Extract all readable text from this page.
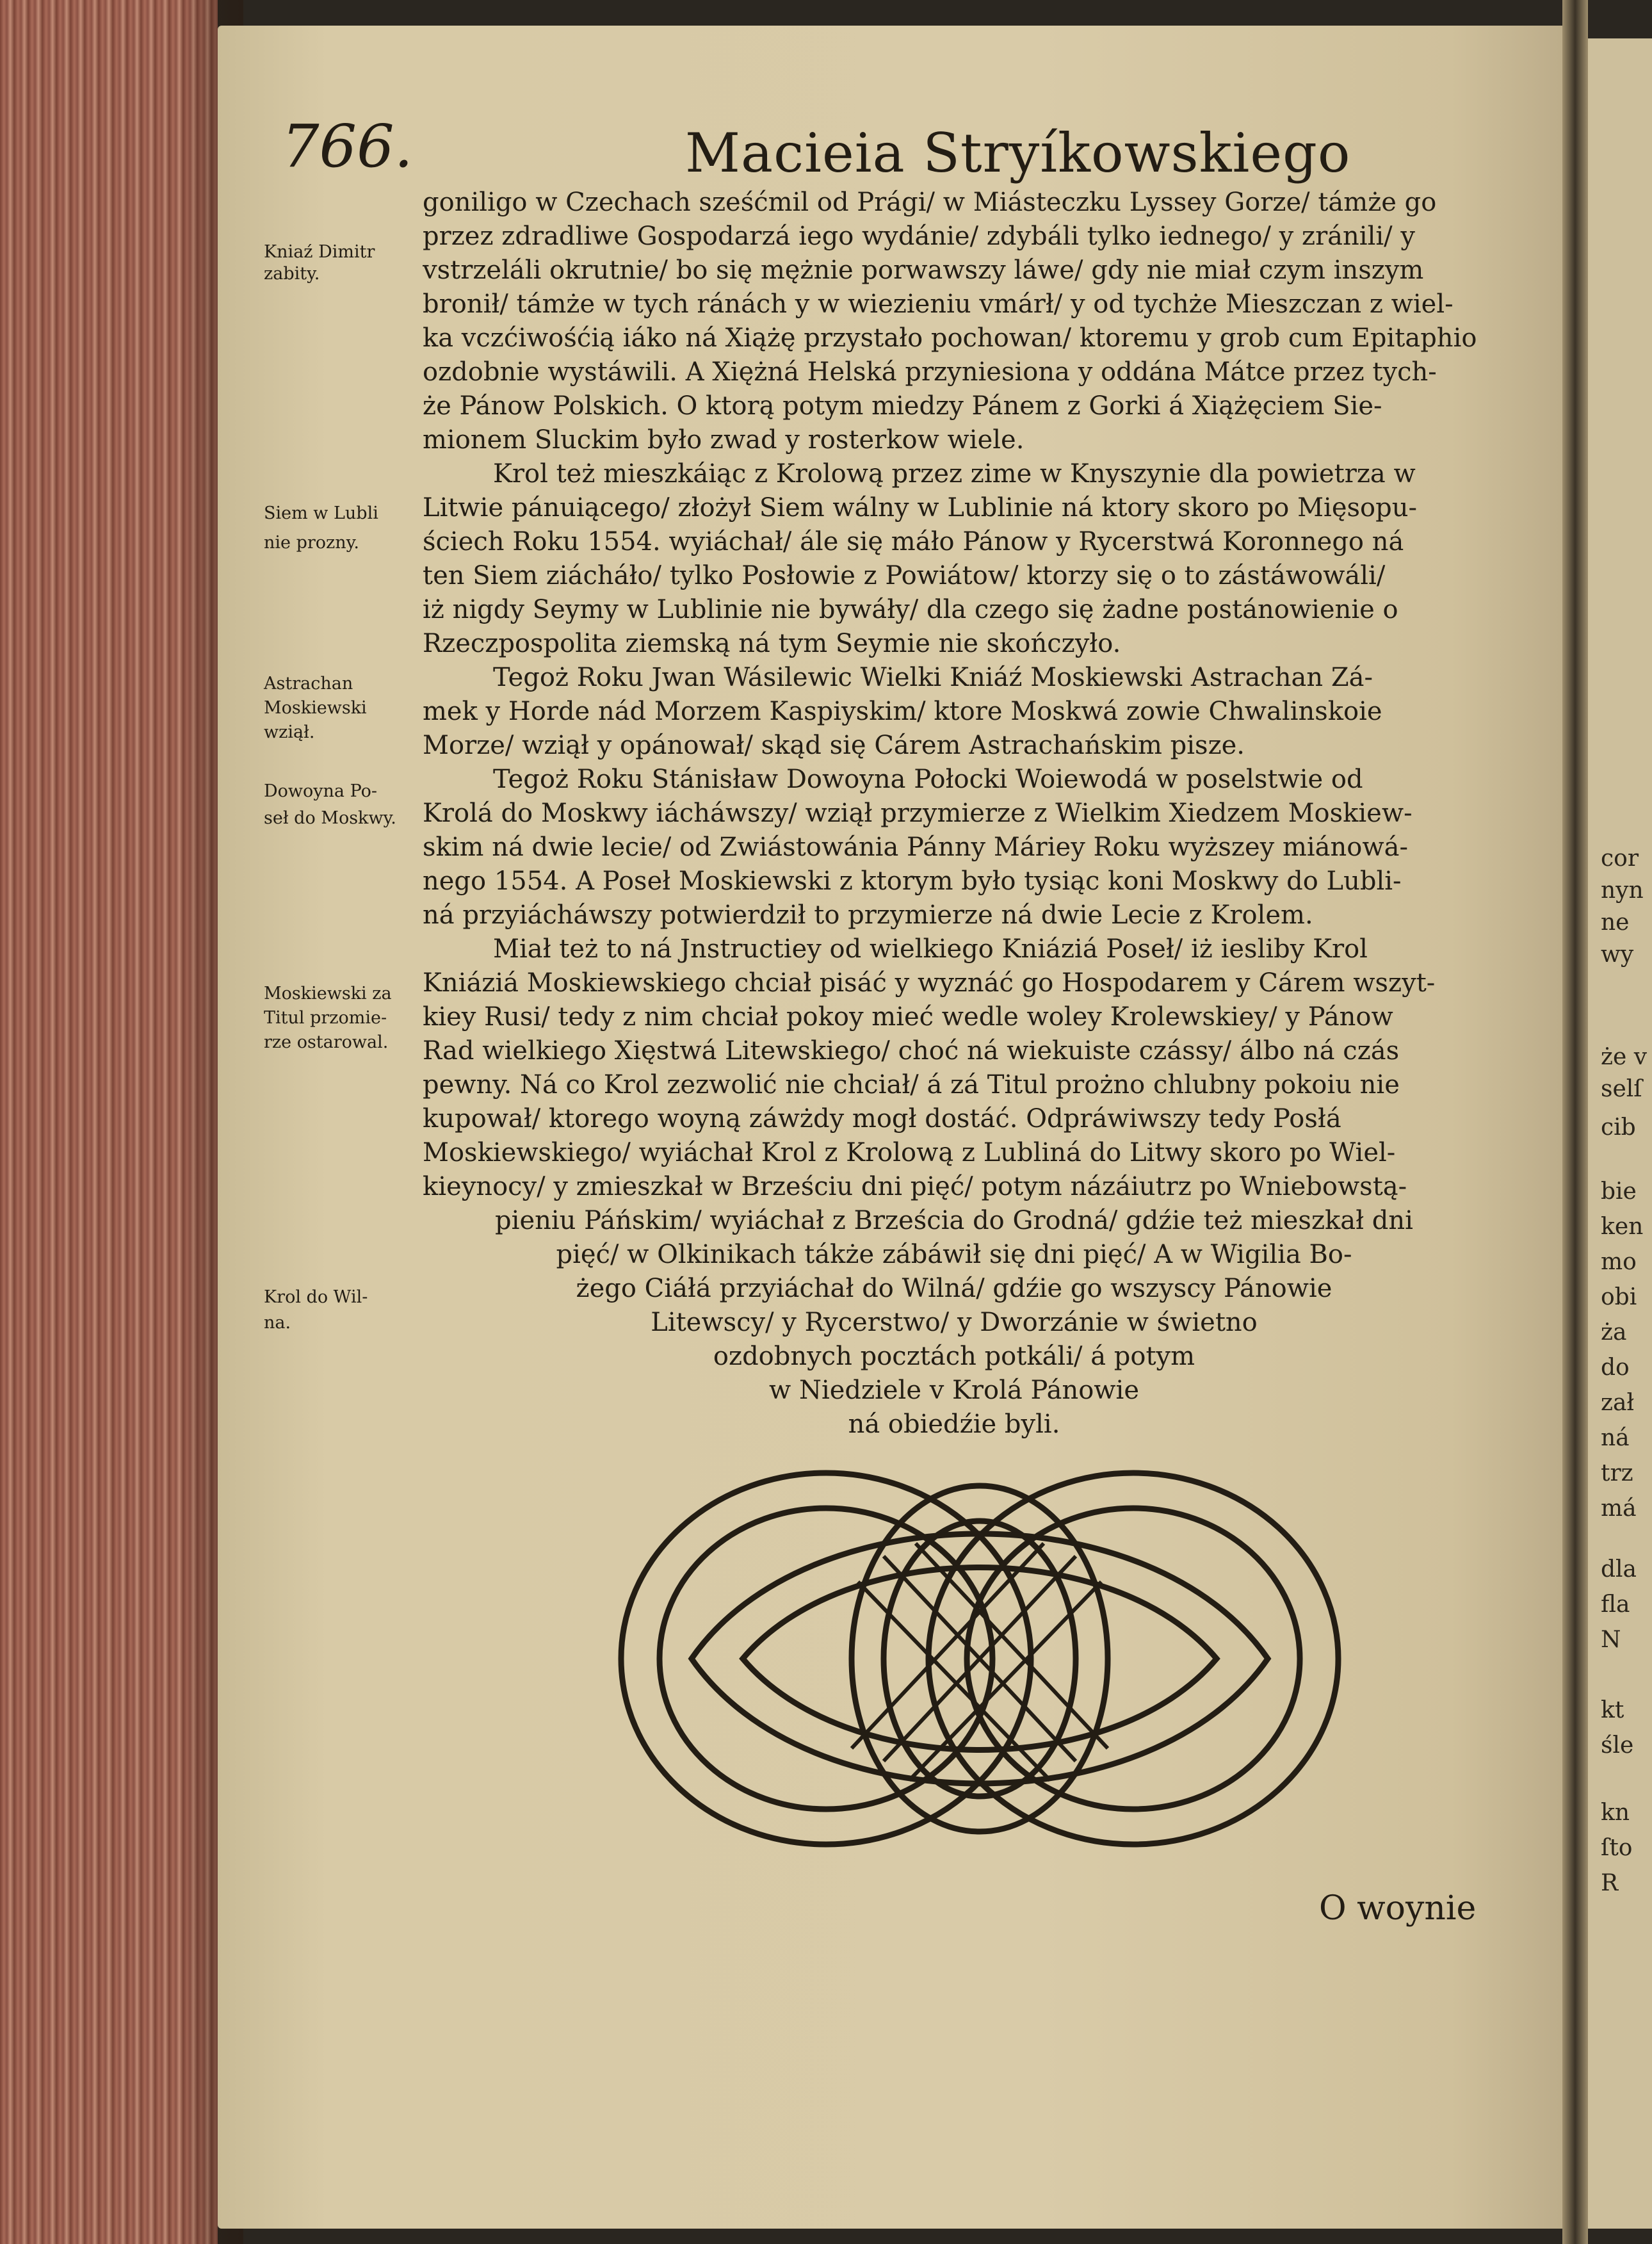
766.	Macieia Stryíkowskiego
Kniaź Dimitr
zabity.
Siem w Lubli
nie prozny.
Astrachan
Moskiewski
wziął.
Dowoyna Po-
seł do Moskwy.
Moskiewski za
Titul przomie-
rze ostarowal.
Krol do Wil-
na.
goniligo w Czechach sześćmil od Prági/ w Miásteczku Lyssey Gorze/ támże go
przez zdradliwe Gospodarzá iego wydánie/ zdybáli tylko iednego/ y zránili/ y
vstrzeláli okrutnie/ bo się mężnie porwawszy láwe/ gdy nie miał czym inszym
bronił/ támże w tych ránách y w wiezieniu vmárł/ y od tychże Mieszczan z wiel-
ka vczćiwośćią iáko ná Xiążę przystało pochowan/ ktoremu y grob cum Epitaphio
ozdobnie wystáwili. A Xiężná Helská przyniesiona y oddána Mátce przez tych-
że Pánow Polskich. O ktorą potym miedzy Pánem z Gorki á Xiążęciem Sie-
mionem Sluckim było zwad y rosterkow wiele.
Krol też mieszkáiąc z Krolową przez zime w Knyszynie dla powietrza w
Litwie pánuiącego/ złożył Siem wálny w Lublinie ná ktory skoro po Mięsopu-
ściech Roku 1554. wyiáchał/ ále się máło Pánow y Rycerstwá Koronnego ná
ten Siem ziácháło/ tylko Posłowie z Powiátow/ ktorzy się o to zástáwowáli/
iż nigdy Seymy w Lublinie nie bywáły/ dla czego się żadne postánowienie o
Rzeczpospolita ziemską ná tym Seymie nie skończyło.
Tegoż Roku Jwan Wásilewic Wielki Kniáź Moskiewski Astrachan Zá-
mek y Horde nád Morzem Kaspiyskim/ ktore Moskwá zowie Chwalinskoie
Morze/ wziął y opánował/ skąd się Cárem Astrachańskim pisze.
Tegoż Roku Stánisław Dowoyna Połocki Woiewodá w poselstwie od
Krolá do Moskwy iácháwszy/ wziął przymierze z Wielkim Xiedzem Moskiew-
skim ná dwie lecie/ od Zwiástowánia Pánny Máriey Roku wyższey miánowá-
nego 1554. A Poseł Moskiewski z ktorym było tysiąc koni Moskwy do Lubli-
ná przyiácháwszy potwierdził to przymierze ná dwie Lecie z Krolem.
Miał też to ná Jnstructiey od wielkiego Kniáziá Poseł/ iż iesliby Krol
Kniáziá Moskiewskiego chciał pisáć y wyznáć go Hospodarem y Cárem wszyt-
kiey Rusi/ tedy z nim chciał pokoy mieć wedle woley Krolewskiey/ y Pánow
Rad wielkiego Xięstwá Litewskiego/ choć ná wiekuiste czássy/ álbo ná czás
pewny. Ná co Krol zezwolić nie chciał/ á zá Titul prożno chlubny pokoiu nie
kupował/ ktorego woyną záwżdy mogł dostáć. Odpráwiwszy tedy Posłá
Moskiewskiego/ wyiáchał Krol z Krolową z Lubliná do Litwy skoro po Wiel-
kieynocy/ y zmieszkał w Brześciu dni pięć/ potym názáiutrz po Wniebowstą-
pieniu Páńskim/ wyiáchał z Brześcia do Grodná/ gdźie też mieszkał dni
pięć/ w Olkinikach tákże zábáwił się dni pięć/ A w Wigilia Bo-
żego Ciáłá przyiáchał do Wilná/ gdźie go wszyscy Pánowie
Litewscy/ y Rycerstwo/ y Dworzánie w świetno
ozdobnych pocztách potkáli/ á potym
w Niedziele v Krolá Pánowie
ná obiedźie byli.
O woynie
cor
nyn
ne
wy
że v
selſ
cib
bie
ken
mo
obi
ża
do
zał
ná
trz
má
dla
fla
N
kt
śle
kn
ſto
R
